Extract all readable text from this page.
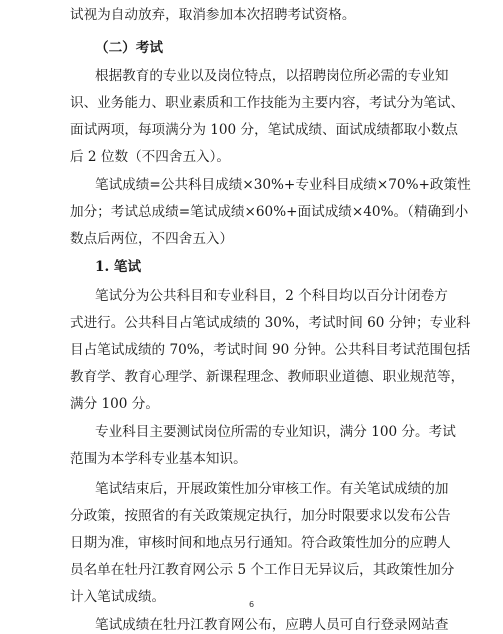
试视为自动放弃，取消参加本次招聘考试资格。
（二）考试
根据教育的专业以及岗位特点，以招聘岗位所必需的专业知
识、业务能力、职业素质和工作技能为主要内容，考试分为笔试、
面试两项，每项满分为 100 分，笔试成绩、面试成绩都取小数点
后 2 位数（不四舍五入）。
笔试成绩=公共科目成绩×30%+专业科目成绩×70%+政策性
加分；考试总成绩=笔试成绩×60%+面试成绩×40%。（精确到小
数点后两位，不四舍五入）
1. 笔试
笔试分为公共科目和专业科目，2 个科目均以百分计闭卷方
式进行。公共科目占笔试成绩的 30%，考试时间 60 分钟；专业科
目占笔试成绩的 70%，考试时间 90 分钟。公共科目考试范围包括
教育学、教育心理学、新课程理念、教师职业道德、职业规范等，
满分 100 分。
专业科目主要测试岗位所需的专业知识，满分 100 分。考试
范围为本学科专业基本知识。
笔试结束后，开展政策性加分审核工作。有关笔试成绩的加
分政策，按照省的有关政策规定执行，加分时限要求以发布公告
日期为准，审核时间和地点另行通知。符合政策性加分的应聘人
员名单在牡丹江教育网公示 5 个工作日无异议后，其政策性加分
计入笔试成绩。
笔试成绩在牡丹江教育网公布，应聘人员可自行登录网站查
6
